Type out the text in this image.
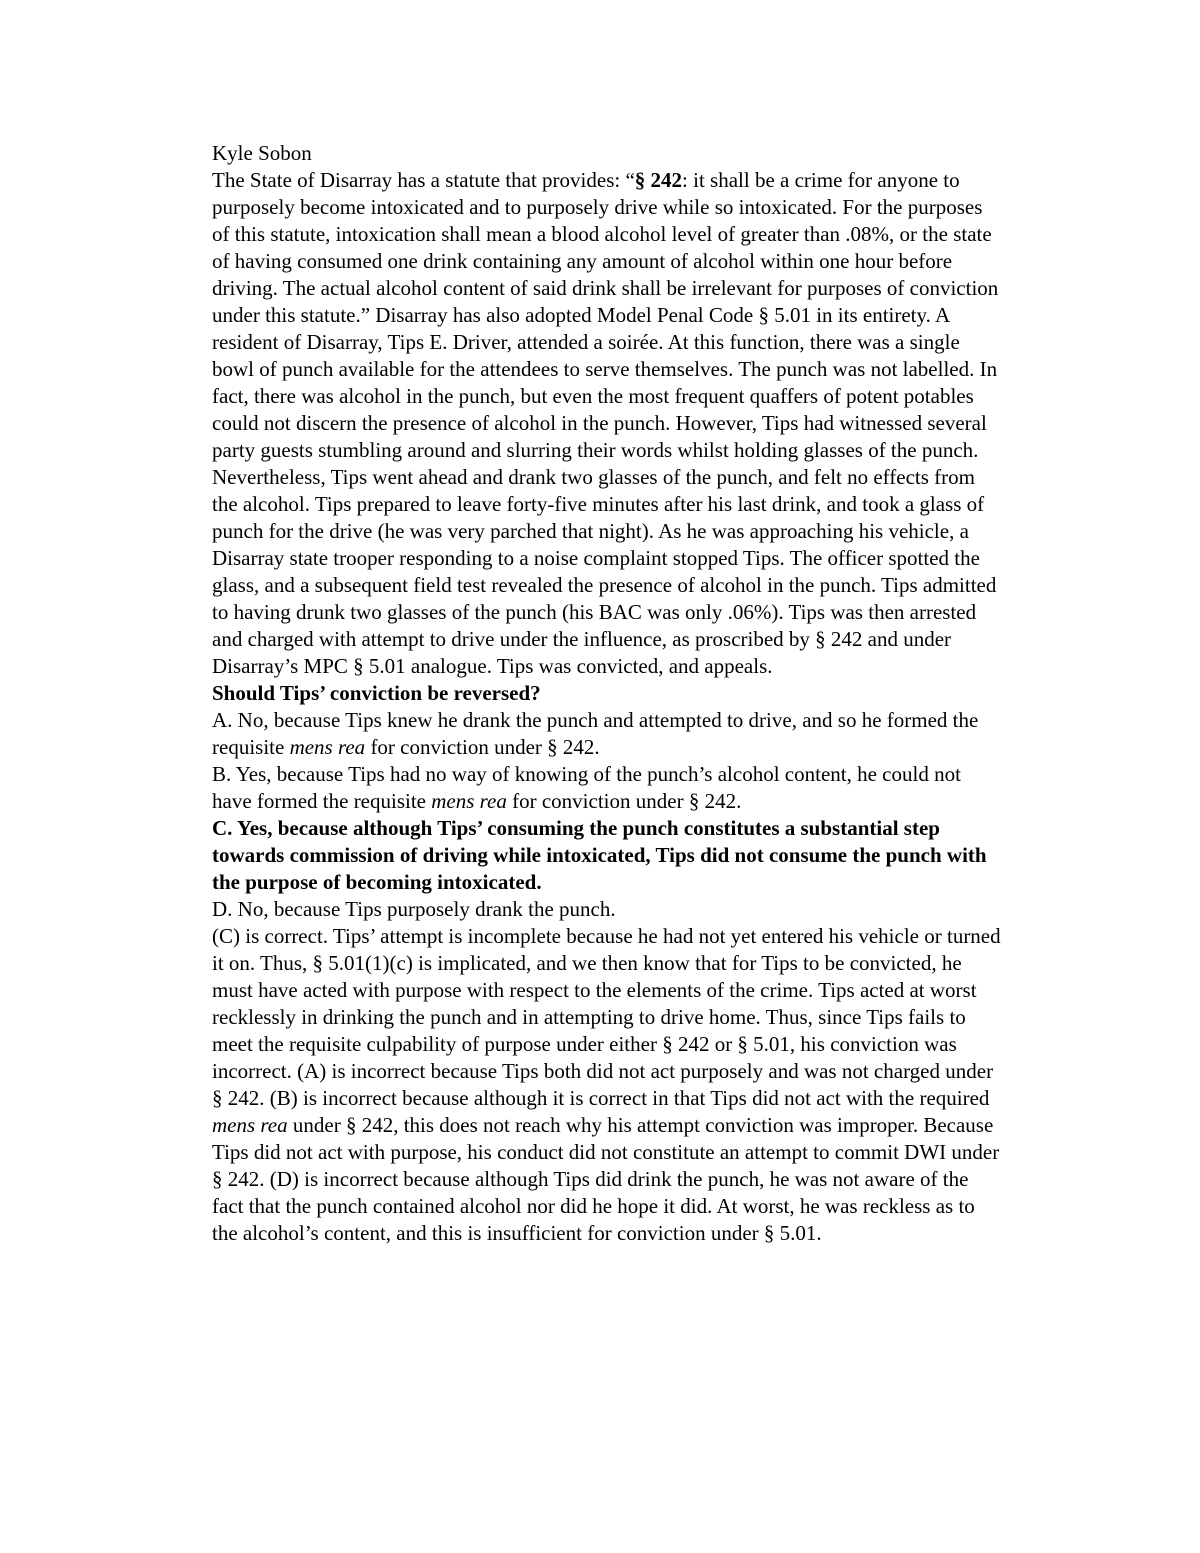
Kyle Sobon

The State of Disarray has a statute that provides: “§ 242: it shall be a crime for anyone to purposely become intoxicated and to purposely drive while so intoxicated. For the purposes of this statute, intoxication shall mean a blood alcohol level of greater than .08%, or the state of having consumed one drink containing any amount of alcohol within one hour before driving. The actual alcohol content of said drink shall be irrelevant for purposes of conviction under this statute.” Disarray has also adopted Model Penal Code § 5.01 in its entirety. A resident of Disarray, Tips E. Driver, attended a soirée. At this function, there was a single bowl of punch available for the attendees to serve themselves. The punch was not labelled. In fact, there was alcohol in the punch, but even the most frequent quaffers of potent potables could not discern the presence of alcohol in the punch. However, Tips had witnessed several party guests stumbling around and slurring their words whilst holding glasses of the punch. Nevertheless, Tips went ahead and drank two glasses of the punch, and felt no effects from the alcohol. Tips prepared to leave forty-five minutes after his last drink, and took a glass of punch for the drive (he was very parched that night). As he was approaching his vehicle, a Disarray state trooper responding to a noise complaint stopped Tips. The officer spotted the glass, and a subsequent field test revealed the presence of alcohol in the punch. Tips admitted to having drunk two glasses of the punch (his BAC was only .06%). Tips was then arrested and charged with attempt to drive under the influence, as proscribed by § 242 and under Disarray’s MPC § 5.01 analogue. Tips was convicted, and appeals.

Should Tips’ conviction be reversed?

A. No, because Tips knew he drank the punch and attempted to drive, and so he formed the requisite mens rea for conviction under § 242.

B. Yes, because Tips had no way of knowing of the punch’s alcohol content, he could not have formed the requisite mens rea for conviction under § 242.

C. Yes, because although Tips’ consuming the punch constitutes a substantial step towards commission of driving while intoxicated, Tips did not consume the punch with the purpose of becoming intoxicated.

D. No, because Tips purposely drank the punch.

(C) is correct. Tips’ attempt is incomplete because he had not yet entered his vehicle or turned it on. Thus, § 5.01(1)(c) is implicated, and we then know that for Tips to be convicted, he must have acted with purpose with respect to the elements of the crime. Tips acted at worst recklessly in drinking the punch and in attempting to drive home. Thus, since Tips fails to meet the requisite culpability of purpose under either § 242 or § 5.01, his conviction was incorrect. (A) is incorrect because Tips both did not act purposely and was not charged under § 242. (B) is incorrect because although it is correct in that Tips did not act with the required mens rea under § 242, this does not reach why his attempt conviction was improper. Because Tips did not act with purpose, his conduct did not constitute an attempt to commit DWI under § 242. (D) is incorrect because although Tips did drink the punch, he was not aware of the fact that the punch contained alcohol nor did he hope it did. At worst, he was reckless as to the alcohol’s content, and this is insufficient for conviction under § 5.01.
